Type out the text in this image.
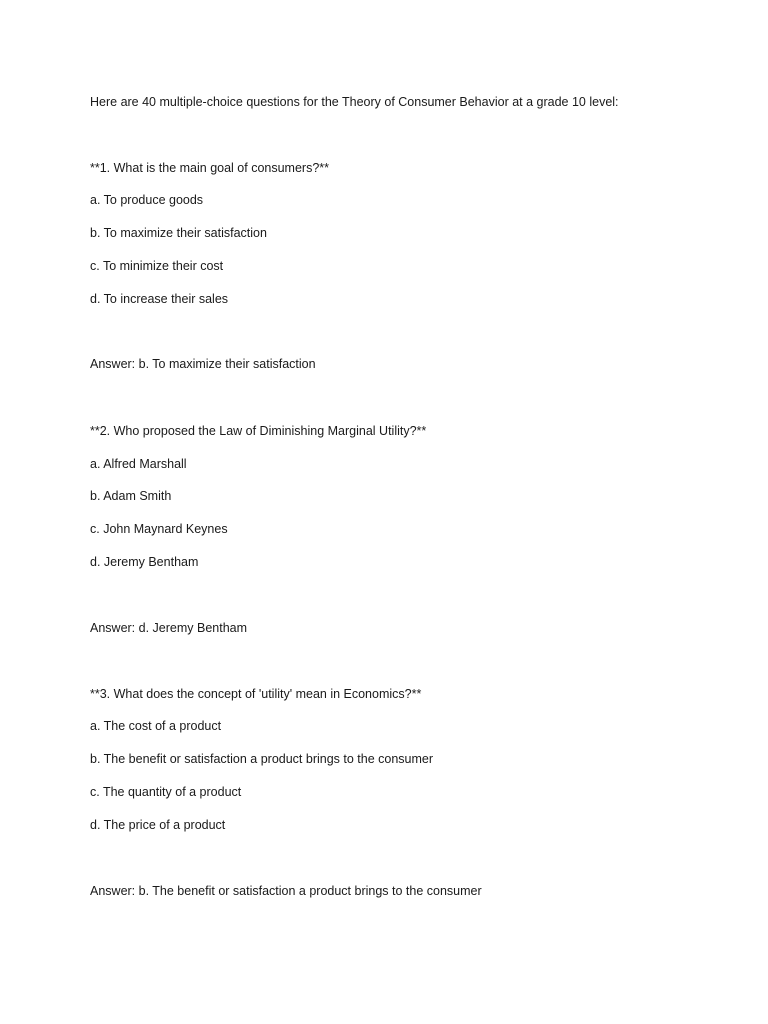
Here are 40 multiple-choice questions for the Theory of Consumer Behavior at a grade 10 level:
**1. What is the main goal of consumers?**
a. To produce goods
b. To maximize their satisfaction
c. To minimize their cost
d. To increase their sales
Answer: b. To maximize their satisfaction
**2. Who proposed the Law of Diminishing Marginal Utility?**
a. Alfred Marshall
b. Adam Smith
c. John Maynard Keynes
d. Jeremy Bentham
Answer: d. Jeremy Bentham
**3. What does the concept of 'utility' mean in Economics?**
a. The cost of a product
b. The benefit or satisfaction a product brings to the consumer
c. The quantity of a product
d. The price of a product
Answer: b. The benefit or satisfaction a product brings to the consumer
